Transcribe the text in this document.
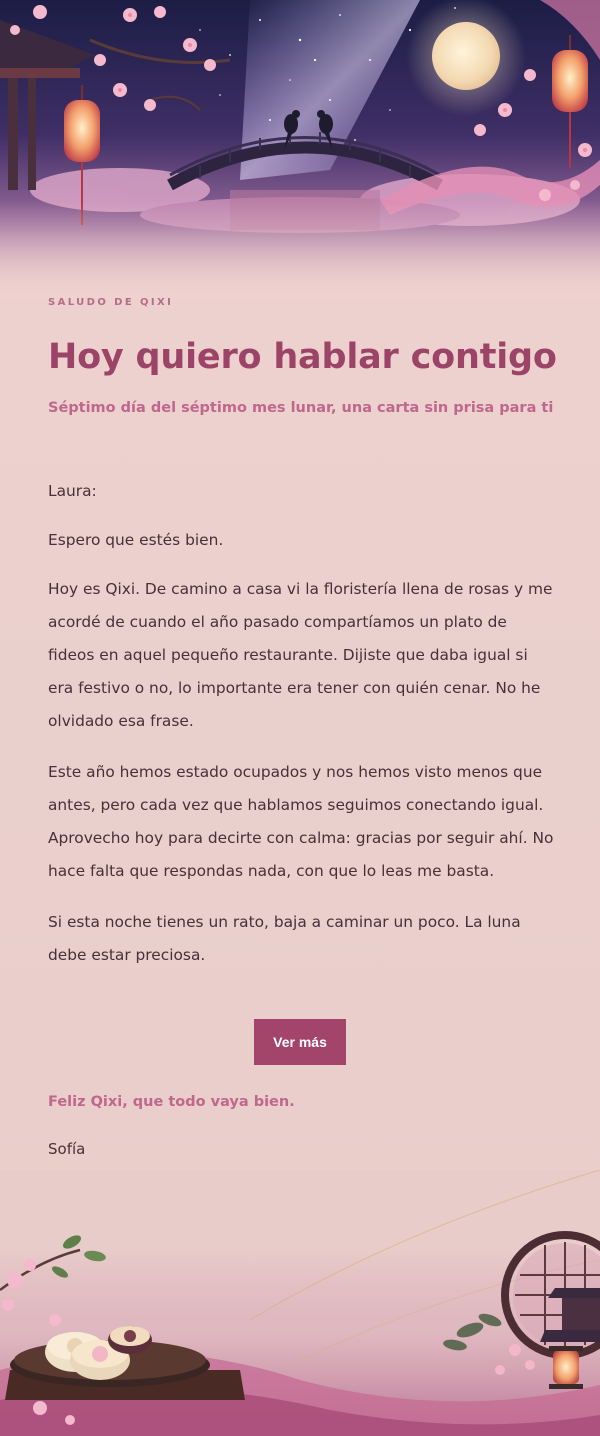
SALUDO DE QIXI
Hoy quiero hablar contigo
Séptimo día del séptimo mes lunar, una carta sin prisa para ti

Laura:

Espero que estés bien.

Hoy es Qixi. De camino a casa vi la floristería llena de rosas y me acordé de cuando el año pasado compartíamos un plato de fideos en aquel pequeño restaurante. Dijiste que daba igual si era festivo o no, lo importante era tener con quién cenar. No he olvidado esa frase.

Este año hemos estado ocupados y nos hemos visto menos que antes, pero cada vez que hablamos seguimos conectando igual. Aprovecho hoy para decirte con calma: gracias por seguir ahí. No hace falta que respondas nada, con que lo leas me basta.

Si esta noche tienes un rato, baja a caminar un poco. La luna debe estar preciosa.

Ver más
Feliz Qixi, que todo vaya bien.
Sofía
